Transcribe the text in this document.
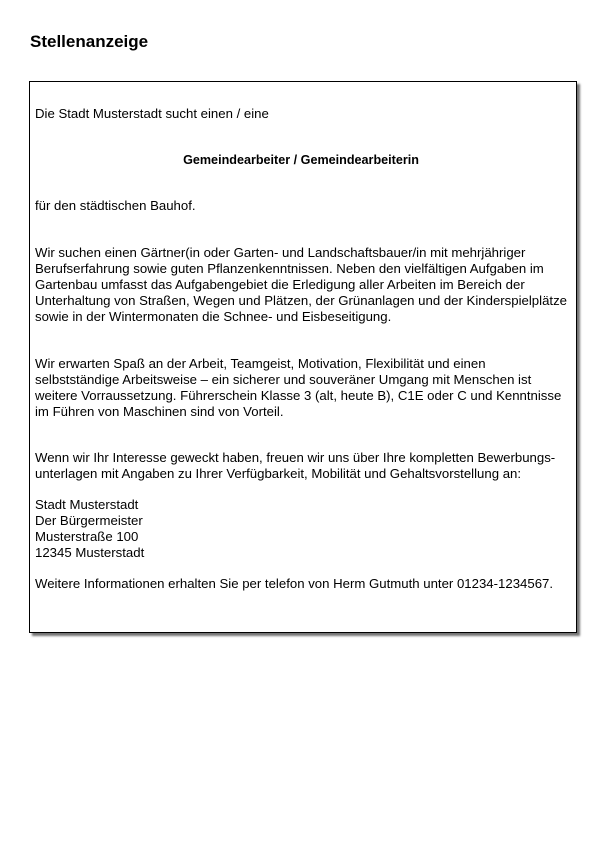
Stellenanzeige

Die Stadt Musterstadt sucht einen / eine

Gemeindearbeiter / Gemeindearbeiterin

für den städtischen Bauhof.

Wir suchen einen Gärtner(in oder Garten- und Landschaftsbauer/in mit mehrjähriger Berufserfahrung sowie guten Pflanzenkenntnissen. Neben den vielfältigen Aufgaben im Gartenbau umfasst das Aufgabengebiet die Erledigung aller Arbeiten im Bereich der Unterhaltung von Straßen, Wegen und Plätzen, der Grünanlagen und der Kinderspielplätze sowie in der Wintermonaten die Schnee- und Eisbeseitigung.

Wir erwarten Spaß an der Arbeit, Teamgeist, Motivation, Flexibilität und einen selbstständige Arbeitsweise – ein sicherer und souveräner Umgang mit Menschen ist weitere Vorraussetzung. Führerschein Klasse 3 (alt, heute B), C1E oder C und Kenntnisse im Führen von Maschinen sind von Vorteil.

Wenn wir Ihr Interesse geweckt haben, freuen wir uns über Ihre kompletten Bewerbungs-unterlagen mit Angaben zu Ihrer Verfügbarkeit, Mobilität und Gehaltsvorstellung an:

Stadt Musterstadt
Der Bürgermeister
Musterstraße 100
12345 Musterstadt

Weitere Informationen erhalten Sie per telefon von Herm Gutmuth unter 01234-1234567.
